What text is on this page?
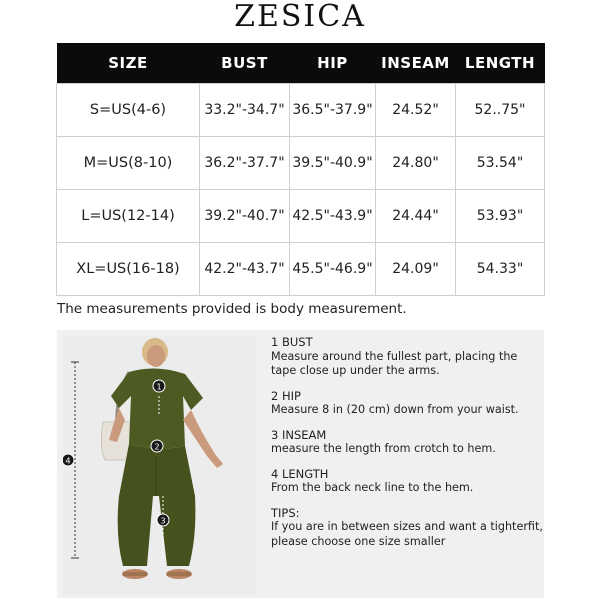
ZESICA
SIZE	BUST	HIP	INSEAM	LENGTH
S=US(4-6)	33.2"-34.7"	36.5"-37.9"	24.52"	52..75"
M=US(8-10)	36.2"-37.7"	39.5"-40.9"	24.80"	53.54"
L=US(12-14)	39.2"-40.7"	42.5"-43.9"	24.44"	53.93"
XL=US(16-18)	42.2"-43.7"	45.5"-46.9"	24.09"	54.33"
The measurements provided is body measurement.
1
2
3
4
1 BUST
Measure around the fullest part, placing the tape close up under the arms.
2 HIP
Measure 8 in (20 cm) down from your waist.
3 INSEAM
measure the length from crotch to hem.
4 LENGTH
From the back neck line to the hem.
TIPS:
If you are in between sizes and want a tighterfit, please choose one size smaller
